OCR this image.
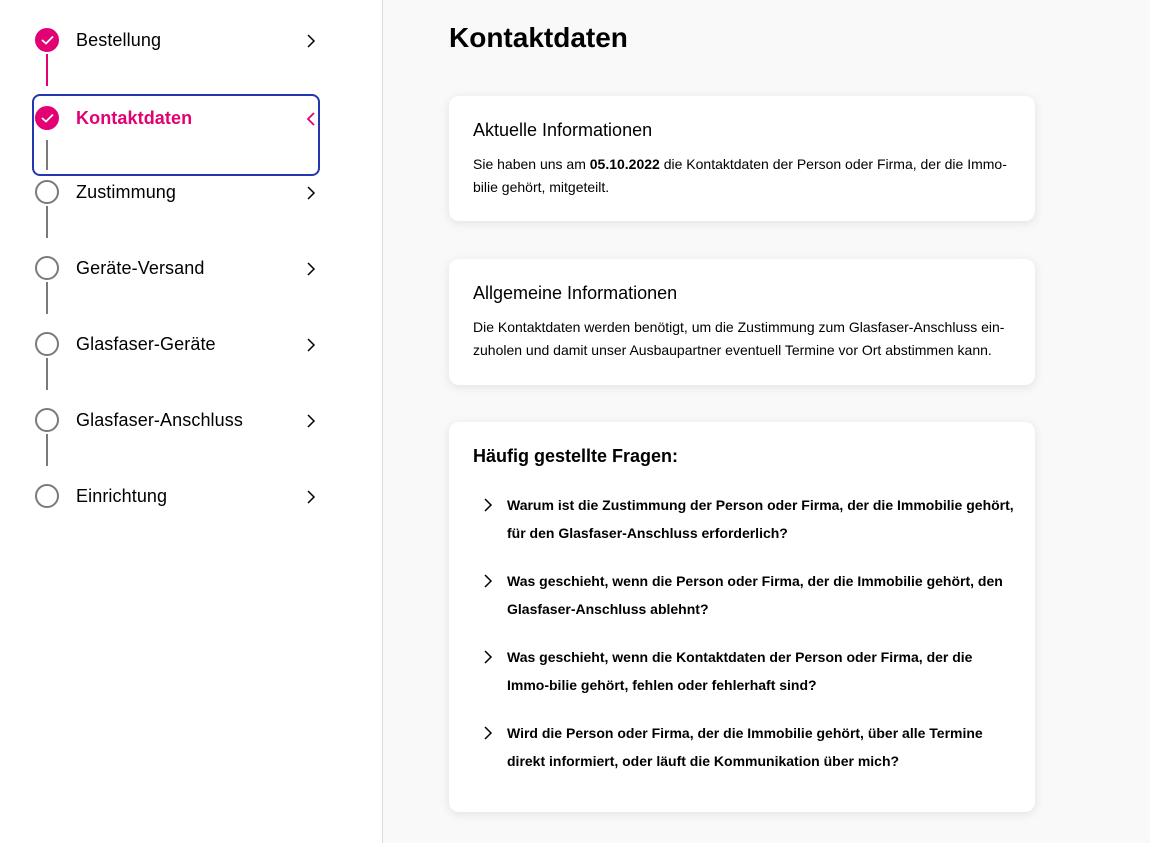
Bestellung
Kontaktdaten
Zustimmung
Geräte-Versand
Glasfaser-Geräte
Glasfaser-Anschluss
Einrichtung
Kontaktdaten
Aktuelle Informationen

Sie haben uns am 05.10.2022 die Kontaktdaten der Person oder Firma, der die Immo-bilie gehört, mitgeteilt.

Allgemeine Informationen

Die Kontaktdaten werden benötigt, um die Zustimmung zum Glasfaser-Anschluss ein-zuholen und damit unser Ausbaupartner eventuell Termine vor Ort abstimmen kann.

Häufig gestellte Fragen:
Warum ist die Zustimmung der Person oder Firma, der die Immobilie gehört, für den Glasfaser-Anschluss erforderlich?
Was geschieht, wenn die Person oder Firma, der die Immobilie gehört, den Glasfaser-Anschluss ablehnt?
Was geschieht, wenn die Kontaktdaten der Person oder Firma, der die Immo-bilie gehört, fehlen oder fehlerhaft sind?
Wird die Person oder Firma, der die Immobilie gehört, über alle Termine direkt informiert, oder läuft die Kommunikation über mich?
